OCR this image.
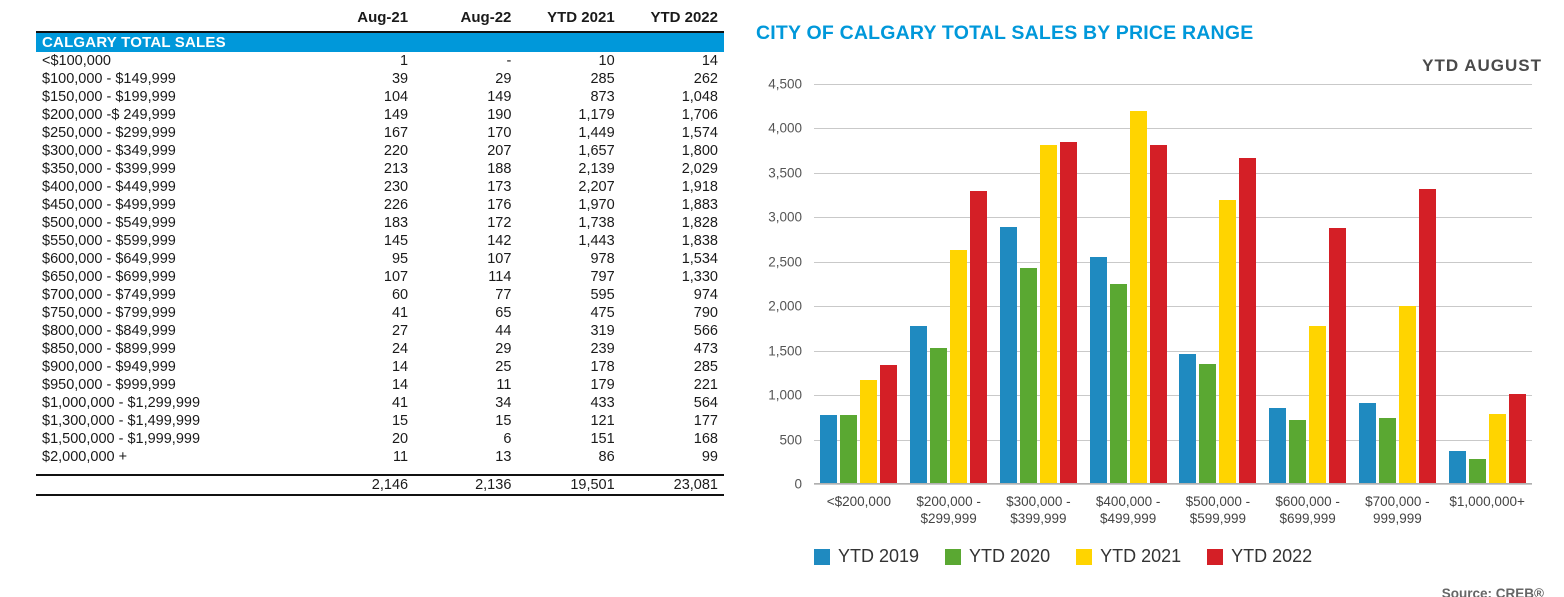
	Aug-21	Aug-22	YTD 2021	YTD 2022
CALGARY TOTAL SALES				
<$100,000	1	-	10	14
$100,000 - $149,999	39	29	285	262
$150,000 - $199,999	104	149	873	1,048
$200,000 -$ 249,999	149	190	1,179	1,706
$250,000 - $299,999	167	170	1,449	1,574
$300,000 - $349,999	220	207	1,657	1,800
$350,000 - $399,999	213	188	2,139	2,029
$400,000 - $449,999	230	173	2,207	1,918
$450,000 - $499,999	226	176	1,970	1,883
$500,000 - $549,999	183	172	1,738	1,828
$550,000 - $599,999	145	142	1,443	1,838
$600,000 - $649,999	95	107	978	1,534
$650,000 - $699,999	107	114	797	1,330
$700,000 - $749,999	60	77	595	974
$750,000 - $799,999	41	65	475	790
$800,000 - $849,999	27	44	319	566
$850,000 - $899,999	24	29	239	473
$900,000 - $949,999	14	25	178	285
$950,000 - $999,999	14	11	179	221
$1,000,000 - $1,299,999	41	34	433	564
$1,300,000 - $1,499,999	15	15	121	177
$1,500,000 - $1,999,999	20	6	151	168
$2,000,000 +	11	13	86	99

	2,146	2,136	19,501	23,081
CITY OF CALGARY TOTAL SALES BY PRICE RANGE
YTD AUGUST
0
500
1,000
1,500
2,000
2,500
3,000
3,500
4,000
4,500
<$200,000	$200,000 -
$299,999
$300,000 -
$399,999
$400,000 -
$499,999
$500,000 -
$599,999
$600,000 -
$699,999
$700,000 -
999,999
$1,000,000+
YTD 2019	YTD 2020	YTD 2021	YTD 2022
Source: CREB®
